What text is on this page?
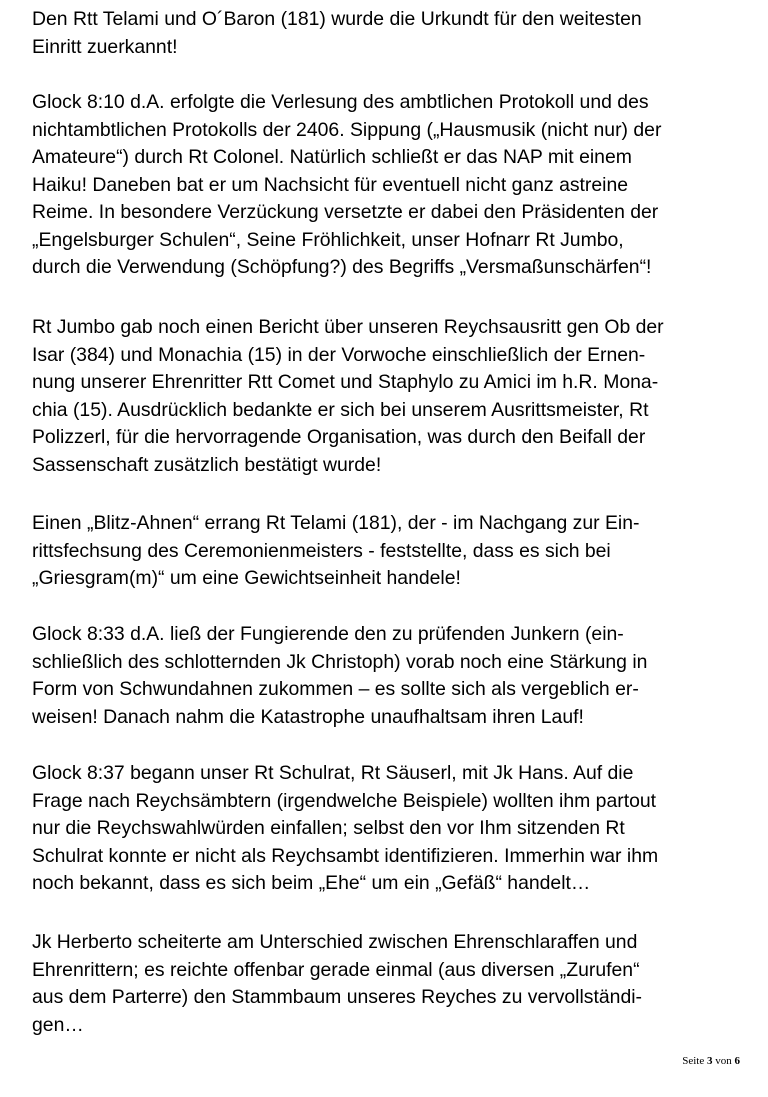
Den Rtt Telami und O´Baron (181) wurde die Urkundt für den weitesten
Einritt zuerkannt!
Glock 8:10 d.A. erfolgte die Verlesung des ambtlichen Protokoll und des
nichtambtlichen Protokolls der 2406. Sippung („Hausmusik (nicht nur) der
Amateure“) durch Rt Colonel. Natürlich schließt er das NAP mit einem
Haiku! Daneben bat er um Nachsicht für eventuell nicht ganz astreine
Reime. In besondere Verzückung versetzte er dabei den Präsidenten der
„Engelsburger Schulen“, Seine Fröhlichkeit, unser Hofnarr Rt Jumbo,
durch die Verwendung (Schöpfung?) des Begriffs „Versmaßunschärfen“!
Rt Jumbo gab noch einen Bericht über unseren Reychsausritt gen Ob der
Isar (384) und Monachia (15) in der Vorwoche einschließlich der Ernen-
nung unserer Ehrenritter Rtt Comet und Staphylo zu Amici im h.R. Mona-
chia (15). Ausdrücklich bedankte er sich bei unserem Ausrittsmeister, Rt
Polizzerl, für die hervorragende Organisation, was durch den Beifall der
Sassenschaft zusätzlich bestätigt wurde!
Einen „Blitz-Ahnen“ errang Rt Telami (181), der - im Nachgang zur Ein-
rittsfechsung des Ceremonienmeisters - feststellte, dass es sich bei
„Griesgram(m)“ um eine Gewichtseinheit handele!
Glock 8:33 d.A. ließ der Fungierende den zu prüfenden Junkern (ein-
schließlich des schlotternden Jk Christoph) vorab noch eine Stärkung in
Form von Schwundahnen zukommen – es sollte sich als vergeblich er-
weisen! Danach nahm die Katastrophe unaufhaltsam ihren Lauf!
Glock 8:37 begann unser Rt Schulrat, Rt Säuserl, mit Jk Hans. Auf die
Frage nach Reychsämbtern (irgendwelche Beispiele) wollten ihm partout
nur die Reychswahlwürden einfallen; selbst den vor Ihm sitzenden Rt
Schulrat konnte er nicht als Reychsambt identifizieren. Immerhin war ihm
noch bekannt, dass es sich beim „Ehe“ um ein „Gefäß“ handelt…
Jk Herberto scheiterte am Unterschied zwischen Ehrenschlaraffen und
Ehrenrittern; es reichte offenbar gerade einmal (aus diversen „Zurufen“
aus dem Parterre) den Stammbaum unseres Reyches zu vervollständi-
gen…
Seite 3 von 6
